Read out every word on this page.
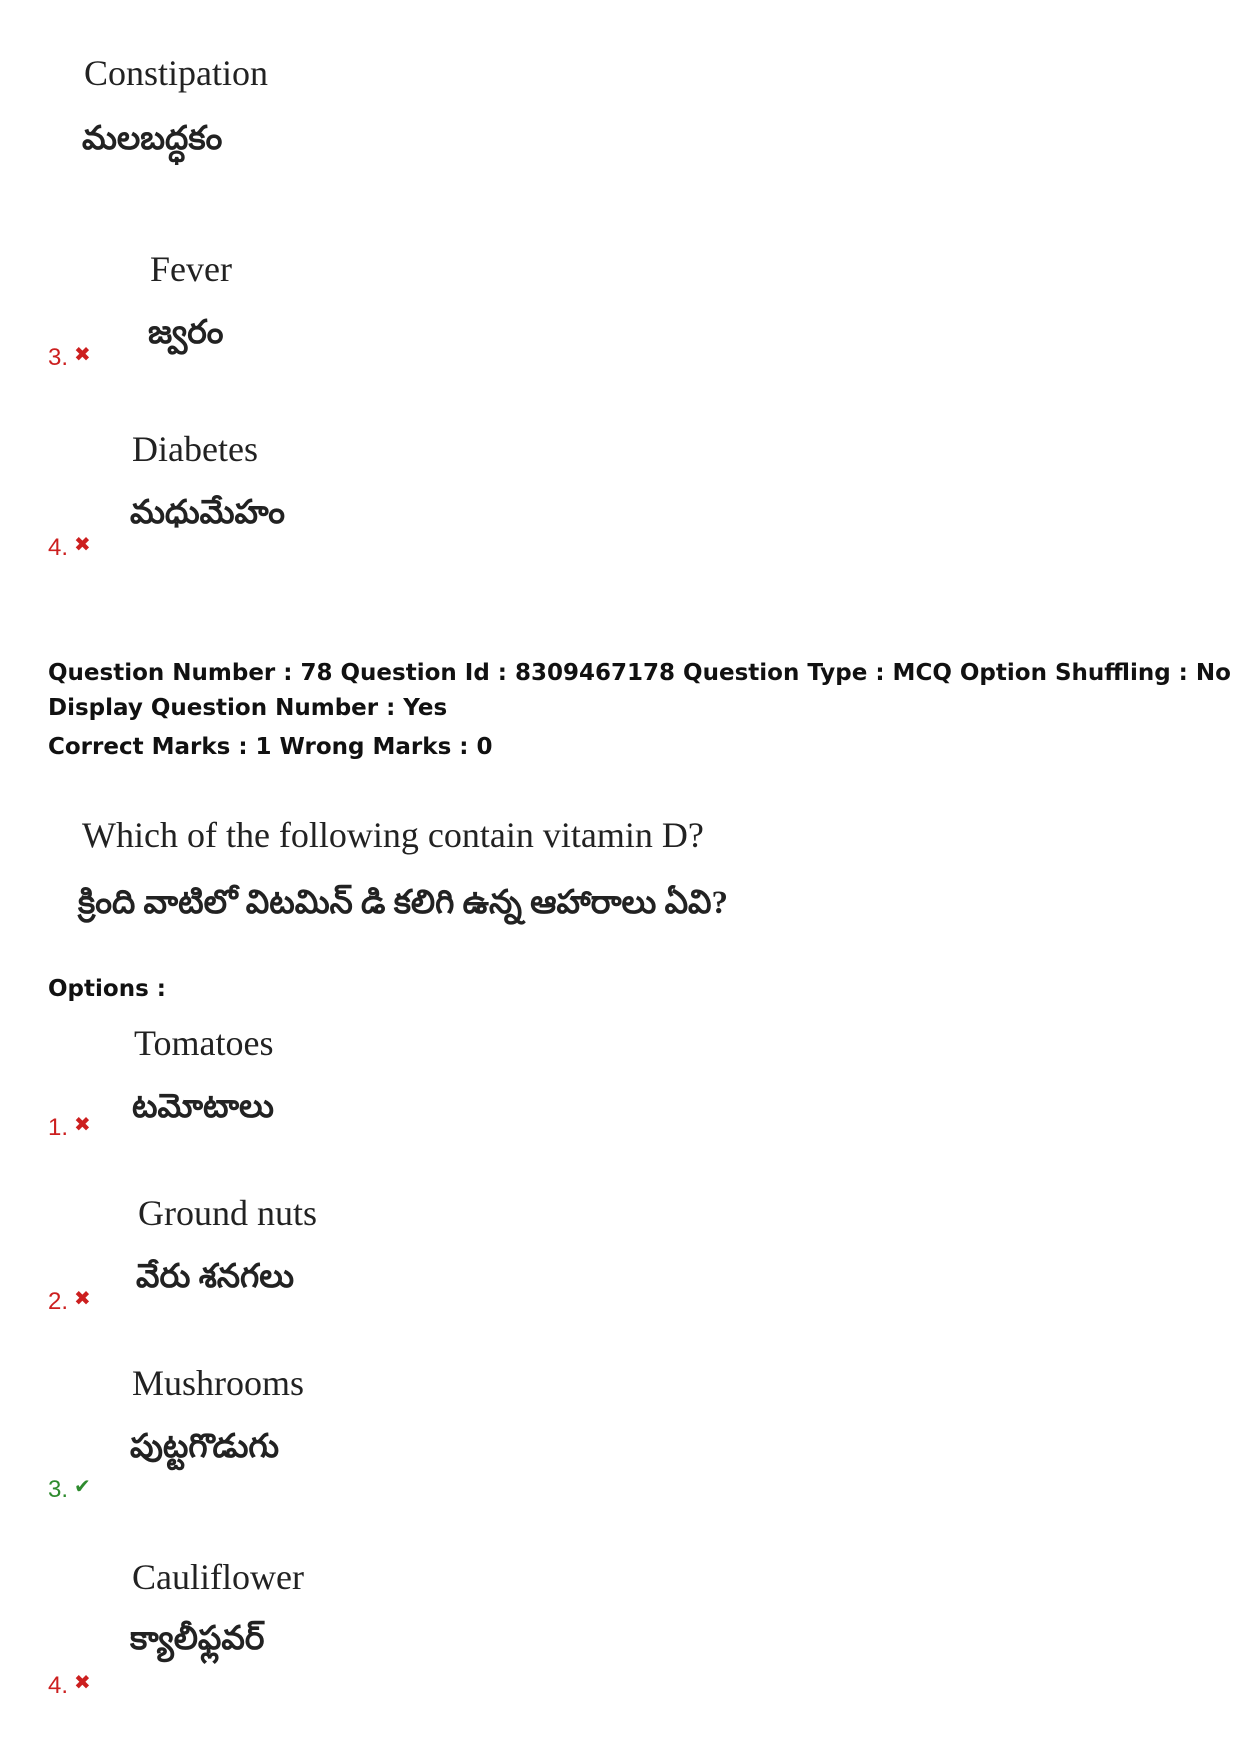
Constipation
మలబద్ధకం
Fever
జ్వరం
3. ✖
Diabetes
మధుమేహం
4. ✖
Question Number : 78 Question Id : 8309467178 Question Type : MCQ Option Shuffling : No
Display Question Number : Yes
Correct Marks : 1 Wrong Marks : 0
Which of the following contain vitamin D?
క్రింది వాటిలో విటమిన్ డి కలిగి ఉన్న ఆహారాలు ఏవి?
Options :
Tomatoes
టమోటాలు
1. ✖
Ground nuts
వేరు శనగలు
2. ✖
Mushrooms
పుట్టగొడుగు
3. ✔
Cauliflower
క్యాలీఫ్లవర్
4. ✖
